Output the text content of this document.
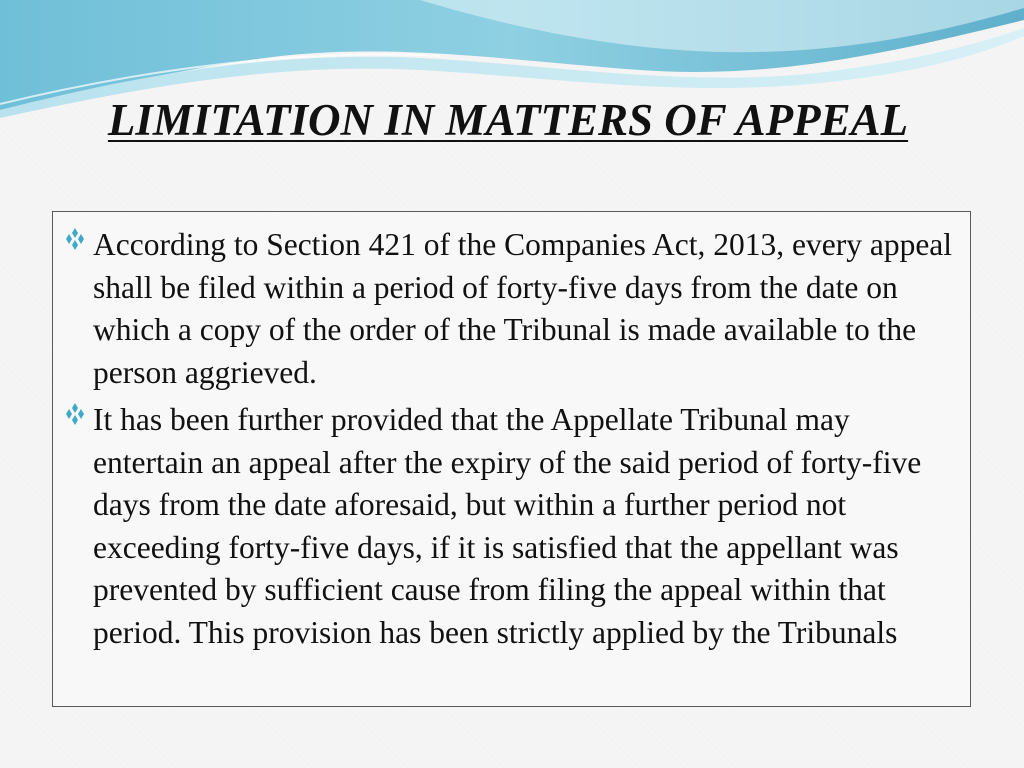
LIMITATION IN MATTERS OF APPEAL
According to Section 421 of the Companies Act, 2013, every appeal shall be filed within a period of forty-five days from the date on which a copy of the order of the Tribunal is made available to the person aggrieved.
It has been further provided that the Appellate Tribunal may entertain an appeal after the expiry of the said period of forty-five days from the date aforesaid, but within a further period not exceeding forty-five days, if it is satisfied that the appellant was prevented by sufficient cause from filing the appeal within that period. This provision has been strictly applied by the Tribunals
